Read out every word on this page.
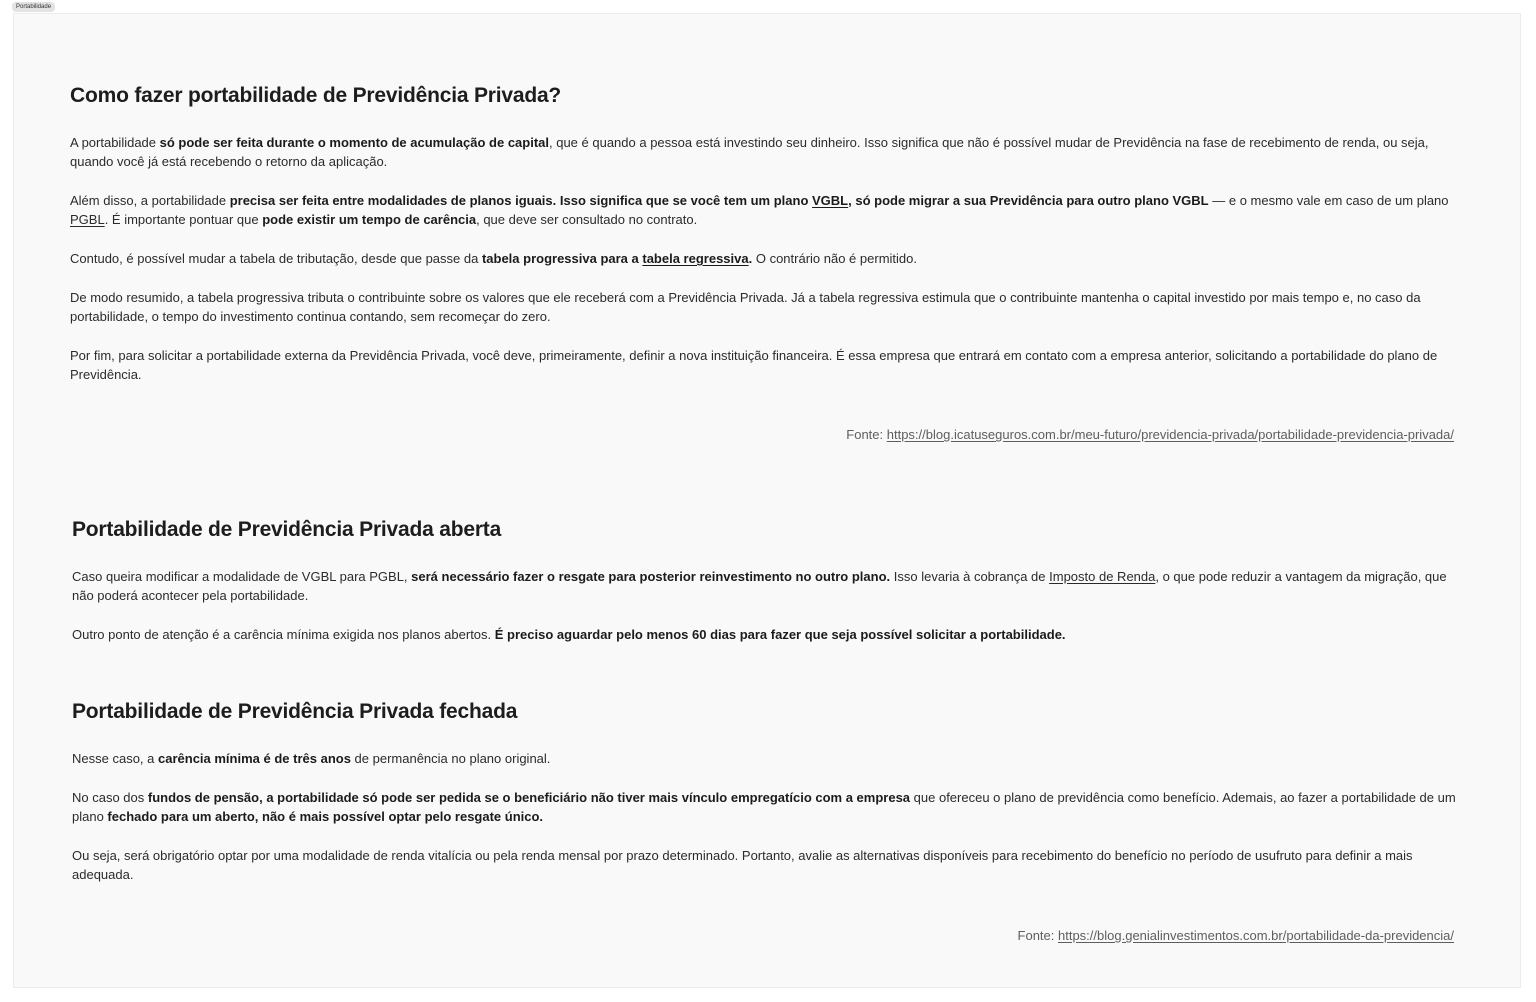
Portabilidade
Como fazer portabilidade de Previdência Privada?

A portabilidade só pode ser feita durante o momento de acumulação de capital, que é quando a pessoa está investindo seu dinheiro. Isso significa que não é possível mudar de Previdência na fase de recebimento de renda, ou seja, quando você já está recebendo o retorno da aplicação.

Além disso, a portabilidade precisa ser feita entre modalidades de planos iguais. Isso significa que se você tem um plano VGBL, só pode migrar a sua Previdência para outro plano VGBL — e o mesmo vale em caso de um plano PGBL. É importante pontuar que pode existir um tempo de carência, que deve ser consultado no contrato.

Contudo, é possível mudar a tabela de tributação, desde que passe da tabela progressiva para a tabela regressiva. O contrário não é permitido.

De modo resumido, a tabela progressiva tributa o contribuinte sobre os valores que ele receberá com a Previdência Privada. Já a tabela regressiva estimula que o contribuinte mantenha o capital investido por mais tempo e, no caso da portabilidade, o tempo do investimento continua contando, sem recomeçar do zero.

Por fim, para solicitar a portabilidade externa da Previdência Privada, você deve, primeiramente, definir a nova instituição financeira. É essa empresa que entrará em contato com a empresa anterior, solicitando a portabilidade do plano de Previdência.

Fonte: https://blog.icatuseguros.com.br/meu-futuro/previdencia-privada/portabilidade-previdencia-privada/
Portabilidade de Previdência Privada aberta

Caso queira modificar a modalidade de VGBL para PGBL, será necessário fazer o resgate para posterior reinvestimento no outro plano. Isso levaria à cobrança de Imposto de Renda, o que pode reduzir a vantagem da migração, que não poderá acontecer pela portabilidade.

Outro ponto de atenção é a carência mínima exigida nos planos abertos. É preciso aguardar pelo menos 60 dias para fazer que seja possível solicitar a portabilidade.

Portabilidade de Previdência Privada fechada

Nesse caso, a carência mínima é de três anos de permanência no plano original.

No caso dos fundos de pensão, a portabilidade só pode ser pedida se o beneficiário não tiver mais vínculo empregatício com a empresa que ofereceu o plano de previdência como benefício. Ademais, ao fazer a portabilidade de um plano fechado para um aberto, não é mais possível optar pelo resgate único.

Ou seja, será obrigatório optar por uma modalidade de renda vitalícia ou pela renda mensal por prazo determinado. Portanto, avalie as alternativas disponíveis para recebimento do benefício no período de usufruto para definir a mais adequada.

Fonte: https://blog.genialinvestimentos.com.br/portabilidade-da-previdencia/
